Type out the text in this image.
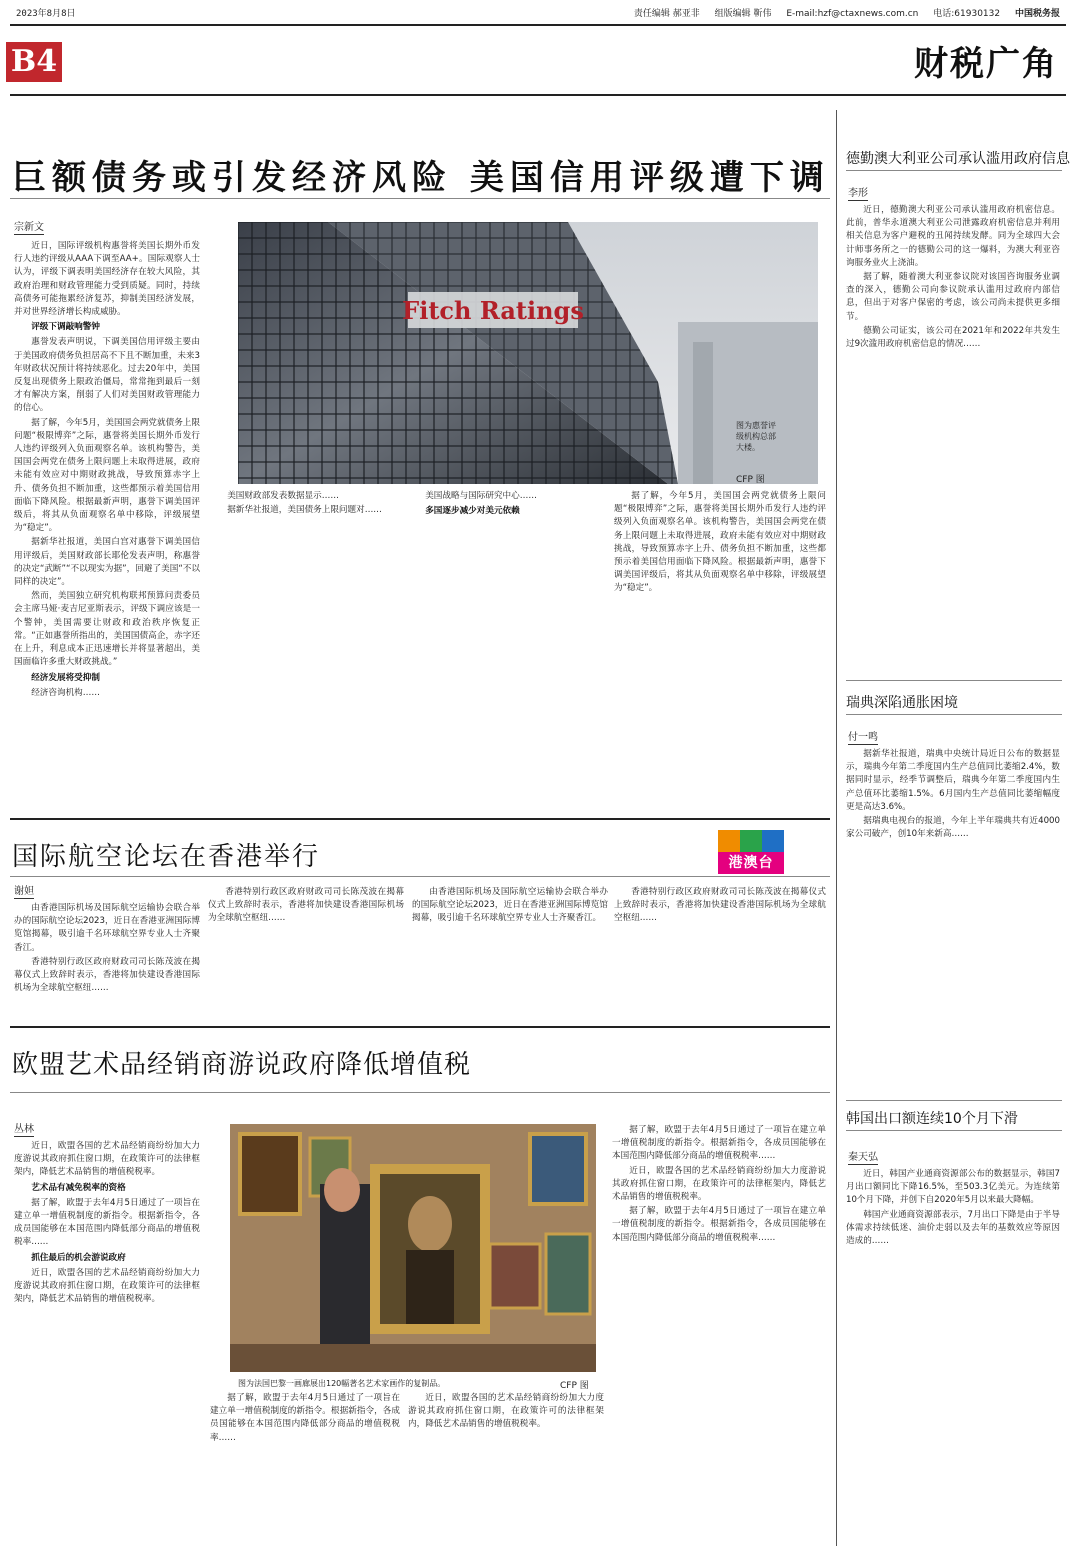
2023年8月8日	责任编辑 郝亚非 组版编辑 靳伟 E-mail:hzf@ctaxnews.com.cn 电话:61930132 中国税务报
B4	财税广角
巨额债务或引发经济风险 美国信用评级遭下调
宗新文

近日，国际评级机构惠誉将美国长期外币发行人违约评级从AAA下调至AA+。国际观察人士认为，评级下调表明美国经济存在较大风险，其政府治理和财政管理能力受到质疑。同时，持续高债务可能拖累经济复苏，抑制美国经济发展，并对世界经济增长构成威胁。

评级下调敲响警钟

惠誉发表声明说，下调美国信用评级主要由于美国政府债务负担居高不下且不断加重，未来3年财政状况预计将持续恶化。过去20年中，美国反复出现债务上限政治僵局，常常拖到最后一刻才有解决方案，削弱了人们对美国财政管理能力的信心。

据了解，今年5月，美国国会两党就债务上限问题“极限博弈”之际，惠誉将美国长期外币发行人违约评级列入负面观察名单。该机构警告，美国国会两党在债务上限问题上未取得进展，政府未能有效应对中期财政挑战，导致预算赤字上升、债务负担不断加重，这些都预示着美国信用面临下降风险。根据最新声明，惠誉下调美国评级后，将其从负面观察名单中移除，评级展望为“稳定”。

据新华社报道，美国白宫对惠誉下调美国信用评级后，美国财政部长耶伦发表声明，称惠誉的决定“武断”“不以现实为据”，回避了美国“不以同样的决定”。

然而，美国独立研究机构联邦预算问责委员会主席马娅·麦吉尼亚斯表示，评级下调应该是一个警钟，美国需要让财政和政治秩序恢复正常。“正如惠誉所指出的，美国国债高企，赤字还在上升，利息成本正迅速增长并将显著超出，美国面临许多重大财政挑战。”

经济发展将受抑制

经济咨询机构……

Fitch Ratings
图为惠誉评级机构总部大楼。
CFP 图

美国财政部发表数据显示……

据新华社报道，美国债务上限问题对……

美国战略与国际研究中心……

多国逐步减少对美元依赖

据了解，今年5月，美国国会两党就债务上限问题“极限博弈”之际，惠誉将美国长期外币发行人违约评级列入负面观察名单。该机构警告，美国国会两党在债务上限问题上未取得进展，政府未能有效应对中期财政挑战，导致预算赤字上升、债务负担不断加重，这些都预示着美国信用面临下降风险。根据最新声明，惠誉下调美国评级后，将其从负面观察名单中移除，评级展望为“稳定”。

国际航空论坛在香港举行	港澳台
谢妲

由香港国际机场及国际航空运输协会联合举办的国际航空论坛2023，近日在香港亚洲国际博览馆揭幕，吸引逾千名环球航空界专业人士齐聚香江。

香港特别行政区政府财政司司长陈茂波在揭幕仪式上致辞时表示，香港将加快建设香港国际机场为全球航空枢纽……

香港特别行政区政府财政司司长陈茂波在揭幕仪式上致辞时表示，香港将加快建设香港国际机场为全球航空枢纽……

由香港国际机场及国际航空运输协会联合举办的国际航空论坛2023，近日在香港亚洲国际博览馆揭幕，吸引逾千名环球航空界专业人士齐聚香江。

香港特别行政区政府财政司司长陈茂波在揭幕仪式上致辞时表示，香港将加快建设香港国际机场为全球航空枢纽……

欧盟艺术品经销商游说政府降低增值税
丛林

近日，欧盟各国的艺术品经销商纷纷加大力度游说其政府抓住窗口期，在政策许可的法律框架内，降低艺术品销售的增值税税率。

艺术品有减免税率的资格

据了解，欧盟于去年4月5日通过了一项旨在建立单一增值税制度的新指令。根据新指令，各成员国能够在本国范围内降低部分商品的增值税税率……

抓住最后的机会游说政府

近日，欧盟各国的艺术品经销商纷纷加大力度游说其政府抓住窗口期，在政策许可的法律框架内，降低艺术品销售的增值税税率。

图为法国巴黎一画廊展出120幅著名艺术家画作的复制品。	CFP 图

据了解，欧盟于去年4月5日通过了一项旨在建立单一增值税制度的新指令。根据新指令，各成员国能够在本国范围内降低部分商品的增值税税率……

近日，欧盟各国的艺术品经销商纷纷加大力度游说其政府抓住窗口期，在政策许可的法律框架内，降低艺术品销售的增值税税率。

据了解，欧盟于去年4月5日通过了一项旨在建立单一增值税制度的新指令。根据新指令，各成员国能够在本国范围内降低部分商品的增值税税率……

近日，欧盟各国的艺术品经销商纷纷加大力度游说其政府抓住窗口期，在政策许可的法律框架内，降低艺术品销售的增值税税率。

据了解，欧盟于去年4月5日通过了一项旨在建立单一增值税制度的新指令。根据新指令，各成员国能够在本国范围内降低部分商品的增值税税率……

德勤澳大利亚公司承认滥用政府信息
李形

近日，德勤澳大利亚公司承认滥用政府机密信息。此前，普华永道澳大利亚公司泄露政府机密信息并利用相关信息为客户避税的丑闻持续发酵。同为全球四大会计师事务所之一的德勤公司的这一爆料，为澳大利亚咨询服务业火上浇油。

据了解，随着澳大利亚参议院对该国咨询服务业调查的深入，德勤公司向参议院承认滥用过政府内部信息，但出于对客户保密的考虑，该公司尚未提供更多细节。

德勤公司证实，该公司在2021年和2022年共发生过9次滥用政府机密信息的情况……

瑞典深陷通胀困境
付一鸣

据新华社报道，瑞典中央统计局近日公布的数据显示，瑞典今年第二季度国内生产总值同比萎缩2.4%，数据同时显示，经季节调整后，瑞典今年第二季度国内生产总值环比萎缩1.5%。6月国内生产总值同比萎缩幅度更是高达3.6%。

据瑞典电视台的报道，今年上半年瑞典共有近4000家公司破产，创10年来新高……

韩国出口额连续10个月下滑
秦天弘

近日，韩国产业通商资源部公布的数据显示，韩国7月出口额同比下降16.5%，至503.3亿美元。为连续第10个月下降，并创下自2020年5月以来最大降幅。

韩国产业通商资源部表示，7月出口下降是由于半导体需求持续低迷、油价走弱以及去年的基数效应等原因造成的……
